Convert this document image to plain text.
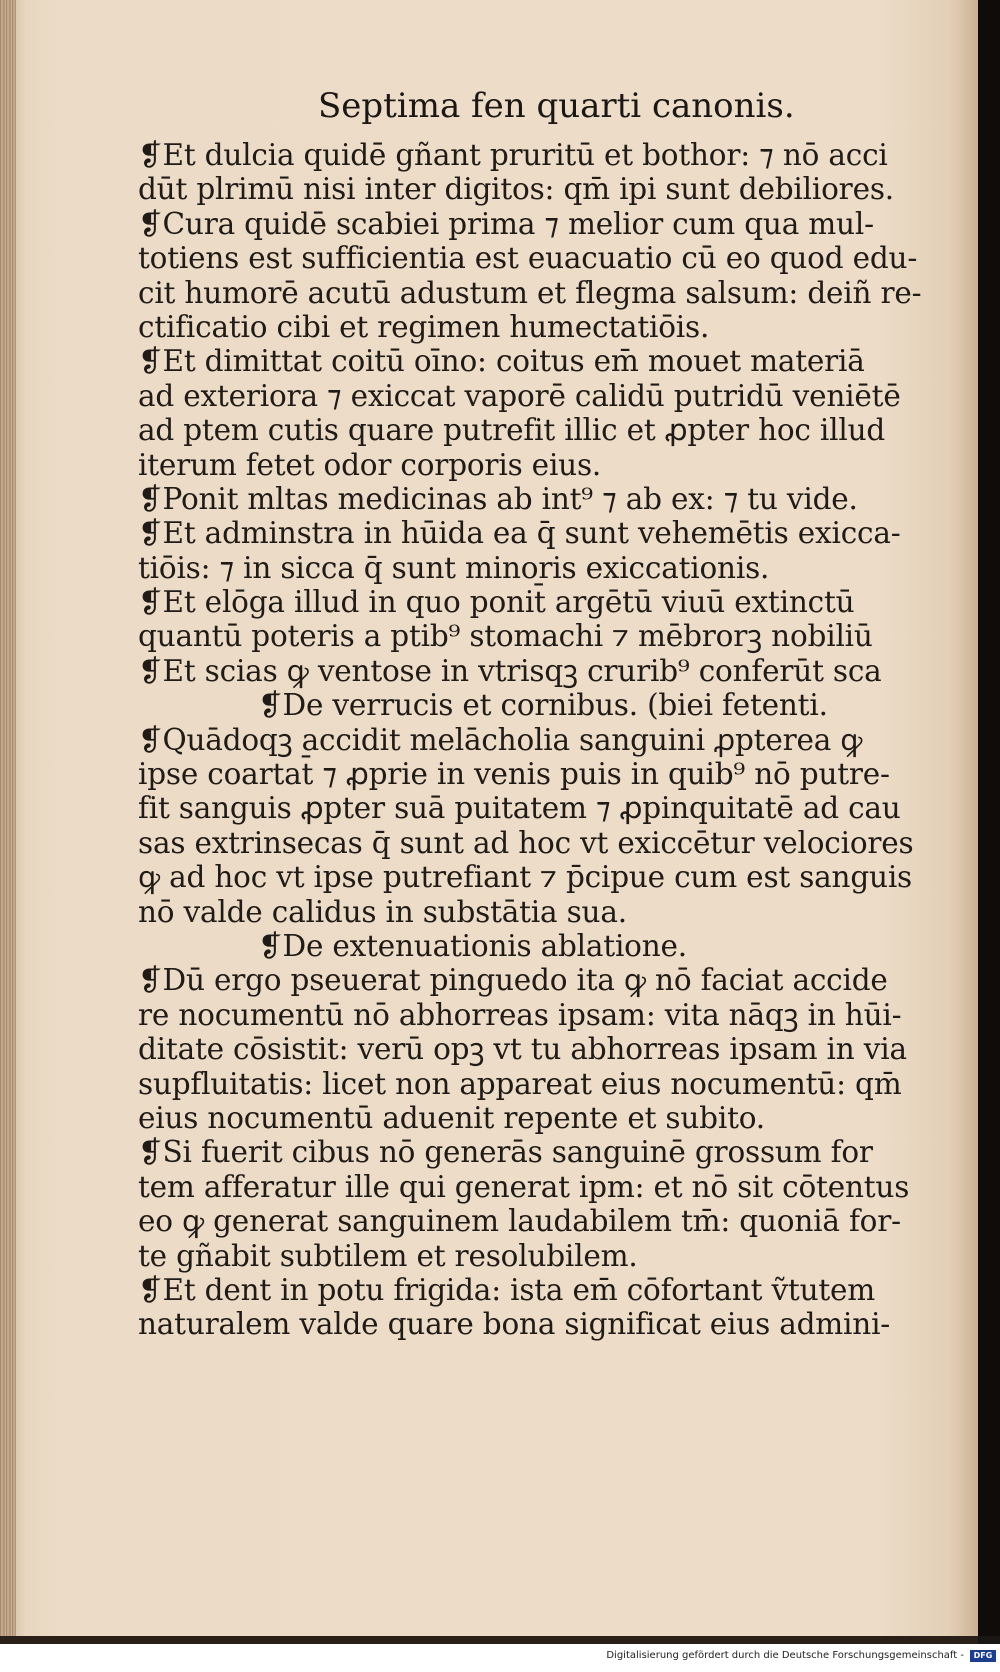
Septima fen quarti canonis.
❡Et dulcia quidē gñant pruritū et bothor: ⁊ nō acci
dūt plrimū nisi inter digitos: qm̄ ipi sunt debiliores.
❡Cura quidē scabiei prima ⁊ melior cum qua mul-
totiens est sufficientia est euacuatio cū eo quod edu-
cit humorē acutū adustum et flegma salsum: deiñ re-
ctificatio cibi et regimen humectatiōis.
❡Et dimittat coitū oīno: coitus em̄ mouet materiā
ad exteriora ⁊ exiccat vaporē calidū putridū veniētē
ad ptem cutis quare putrefit illic et ꝓpter hoc illud
iterum fetet odor corporis eius.
❡Ponit mltas medicinas ab int⁹ ⁊ ab ex: ⁊ tu vide.
❡Et adminstra in hūida ea q̄ sunt vehemētis exicca-
tiōis: ⁊ in sicca q̄ sunt minoris exiccationis.
❡Et elōga illud in quo ponit̄ argētū viuū extinctū
quantū poteris a ptib⁹ stomachi ⁊ mēbrorꝫ nobiliū
❡Et scias ꝙ ventose in vtrisqꝫ crurib⁹ conferūt sca
❡De verrucis et cornibus. (biei fetenti.
❡Quādoqꝫ accidit melācholia sanguini ꝓpterea ꝙ
ipse coartat̄ ⁊ ꝓprie in venis puis in quib⁹ nō putre-
fit sanguis ꝓpter suā puitatem ⁊ ꝓpinquitatē ad cau
sas extrinsecas q̄ sunt ad hoc vt exiccētur velociores
ꝙ ad hoc vt ipse putrefiant ⁊ p̄cipue cum est sanguis
nō valde calidus in substātia sua.
❡De extenuationis ablatione.
❡Dū ergo pseuerat pinguedo ita ꝙ nō faciat accide
re nocumentū nō abhorreas ipsam: vita nāqꝫ in hūi-
ditate cōsistit: verū opꝫ vt tu abhorreas ipsam in via
supfluitatis: licet non appareat eius nocumentū: qm̄
eius nocumentū aduenit repente et subito.
❡Si fuerit cibus nō generās sanguinē grossum for
tem afferatur ille qui generat ipm: et nō sit cōtentus
eo ꝙ generat sanguinem laudabilem tm̄: quoniā for-
te gñabit subtilem et resolubilem.
❡Et dent in potu frigida: ista em̄ cōfortant ṽtutem
naturalem valde quare bona significat eius admini-
Digitalisierung gefördert durch die Deutsche Forschungsgemeinschaft -	DFG
